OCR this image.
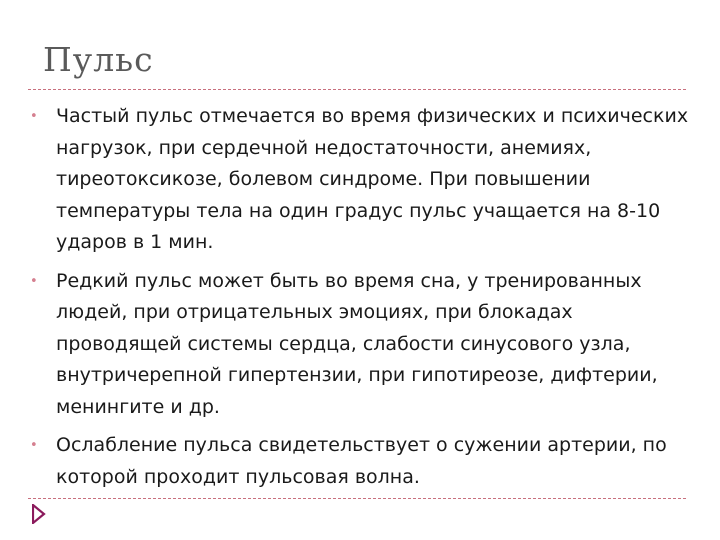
Пульс
• Частый пульс отмечается во время физических и психических нагрузок, при сердечной недостаточности, анемиях, тиреотоксикозе, болевом синдроме. При повышении температуры тела на один градус пульс учащается на 8-10 ударов в 1 мин.
• Редкий пульс может быть во время сна, у тренированных людей, при отрицательных эмоциях, при блокадах проводящей системы сердца, слабости синусового узла, внутричерепной гипертензии, при гипотиреозе, дифтерии, менингите и др.
• Ослабление пульса свидетельствует о сужении артерии, по которой проходит пульсовая волна.
